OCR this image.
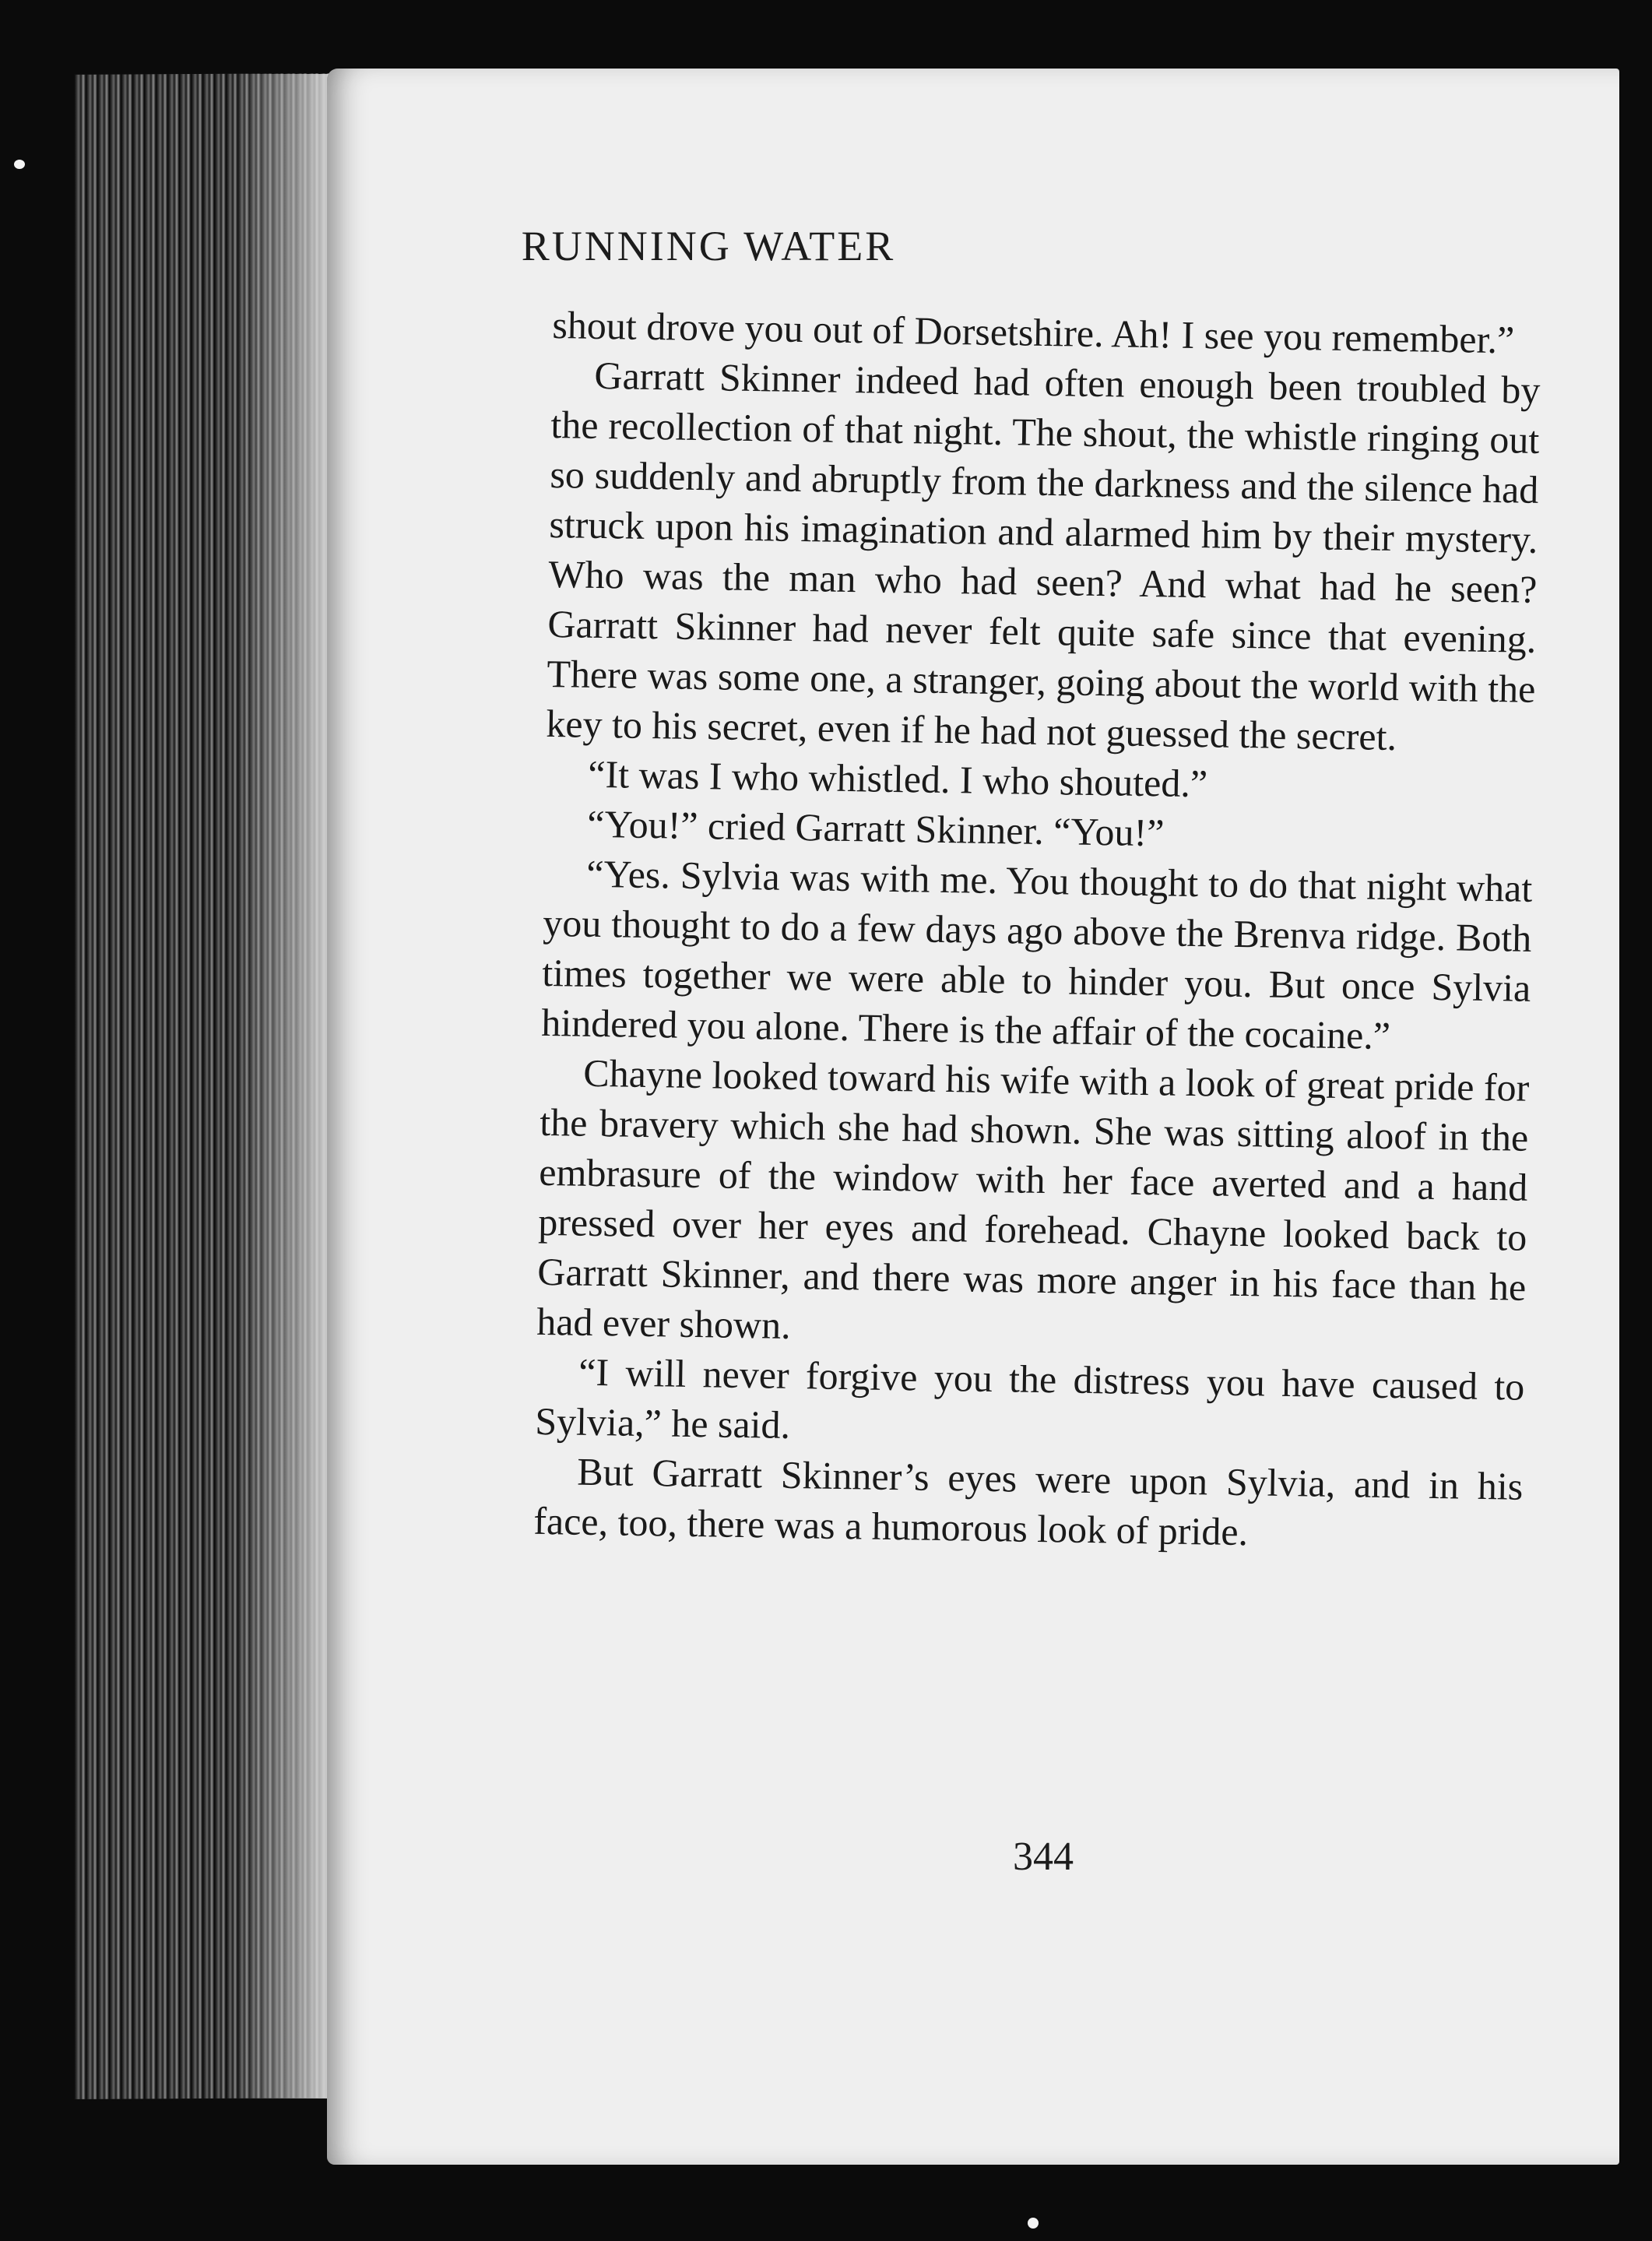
RUNNING WATER

shout drove you out of Dorsetshire. Ah! I see you remember.”

Garratt Skinner indeed had often enough been troubled by the recollection of that night. The shout, the whistle ringing out so suddenly and abruptly from the darkness and the silence had struck upon his imagination and alarmed him by their mystery. Who was the man who had seen? And what had he seen? Garratt Skinner had never felt quite safe since that evening. There was some one, a stranger, going about the world with the key to his secret, even if he had not guessed the secret.

“It was I who whistled. I who shouted.”

“You!” cried Garratt Skinner. “You!”

“Yes. Sylvia was with me. You thought to do that night what you thought to do a few days ago above the Brenva ridge. Both times together we were able to hinder you. But once Sylvia hindered you alone. There is the affair of the cocaine.”

Chayne looked toward his wife with a look of great pride for the bravery which she had shown. She was sitting aloof in the embrasure of the window with her face averted and a hand pressed over her eyes and forehead. Chayne looked back to Garratt Skinner, and there was more anger in his face than he had ever shown.

“I will never forgive you the distress you have caused to Sylvia,” he said.

But Garratt Skinner’s eyes were upon Sylvia, and in his face, too, there was a humorous look of pride.

344
